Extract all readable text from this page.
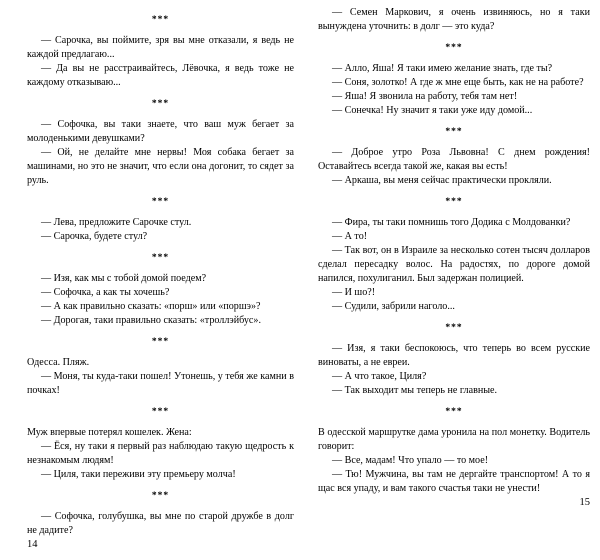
***

— Сарочка, вы поймите, зря вы мне отказали, я ведь не каждой предлагаю...

— Да вы не расстраивайтесь, Лёвочка, я ведь тоже не каждому отказываю...

***

— Софочка, вы таки знаете, что ваш муж бегает за молоденькими девушками?

— Ой, не делайте мне нервы! Моя собака бегает за машинами, но это не значит, что если она догонит, то сядет за руль.

***

— Лева, предложите Сарочке стул.

— Сарочка, будете стул?

***

— Изя, как мы с тобой домой поедем?

— Софочка, а как ты хочешь?

— А как правильно сказать: «порш» или «поршэ»?

— Дорогая, таки правильно сказать: «троллэйбус».

***

Одесса. Пляж.

— Моня, ты куда-таки пошел! Утонешь, у тебя же камни в почках!

***

Муж впервые потерял кошелек. Жена:

— Ёся, ну таки я первый раз наблюдаю такую щедрость к незнакомым людям!

— Циля, таки переживи эту премьеру молча!

***

— Софочка, голубушка, вы мне по старой дружбе в долг не дадите?

14

— Семен Маркович, я очень извиняюсь, но я таки вынуждена уточнить: в долг — это куда?

***

— Алло, Яша! Я таки имею желание знать, где ты?

— Соня, золотко! А где ж мне еще быть, как не на работе?

— Яша! Я звонила на работу, тебя там нет!

— Сонечка! Ну значит я таки уже иду домой...

***

— Доброе утро Роза Львовна! С днем рождения! Оставайтесь всегда такой же, какая вы есть!

— Аркаша, вы меня сейчас практически прокляли.

***

— Фира, ты таки помнишь того Додика с Молдованки?

— А то!

— Так вот, он в Израиле за несколько сотен тысяч долларов сделал пересадку волос. На радостях, по дороге домой напился, похулиганил. Был задержан полицией.

— И шо?!

— Судили, забрили наголо...

***

— Изя, я таки беспокоюсь, что теперь во всем русские виноваты, а не евреи.

— А что такое, Циля?

— Так выходит мы теперь не главные.

***

В одесской маршрутке дама уронила на пол монетку. Водитель говорит:

— Все, мадам! Что упало — то мое!

— Тю! Мужчина, вы там не дергайте транспортом! А то я щас вся упаду, и вам такого счастья таки не унести!

15
